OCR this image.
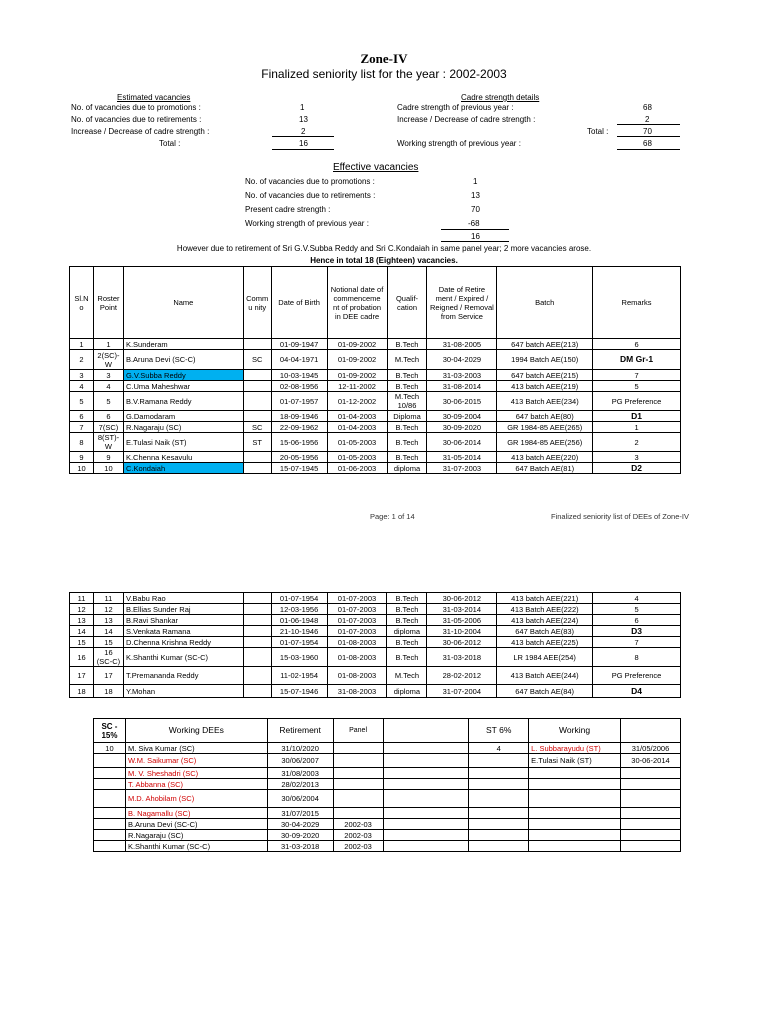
Zone-IV
Finalized seniority list for the year : 2002-2003
Estimated vacancies
No. of vacancies due to promotions :	1
No. of vacancies due to retirements :	13
Increase / Decrease of cadre strength :	2
Total :	16
Cadre strength details
Cadre strength of previous year :	68
Increase / Decrease of cadre strength :	2
Total :	70
Working strength of previous year :	68
Effective vacancies
No. of vacancies due to promotions :	1
No. of vacancies due to retirements :	13
Present cadre strength :	70
Working strength of previous year :	-68
16
However due to retirement of Sri G.V.Subba Reddy and Sri C.Kondaiah in same panel year; 2 more vacancies arose.
Hence in total 18 (Eighteen) vacancies.
Sl.N o	Roster Point	Name	Comm u nity	Date of Birth	Notional date of commenceme nt of probation in DEE cadre	Qualif- cation	Date of Retire ment / Expired / Reigned / Removal from Service	Batch	Remarks
1	1	K.Sunderam		01-09-1947	01-09-2002	B.Tech	31-08-2005	647 batch AEE(213)	6
2	2(SC)-W	B.Aruna Devi (SC-C)	SC	04-04-1971	01-09-2002	M.Tech	30-04-2029	1994 Batch AE(150)	DM Gr-1
3	3	G.V.Subba Reddy		10-03-1945	01-09-2002	B.Tech	31-03-2003	647 batch AEE(215)	7
4	4	C.Uma Maheshwar		02-08-1956	12-11-2002	B.Tech	31-08-2014	413 batch AEE(219)	5
5	5	B.V.Ramana Reddy		01-07-1957	01-12-2002	M.Tech 10/86	30-06-2015	413 Batch AEE(234)	PG Preference
6	6	G.Damodaram		18-09-1946	01-04-2003	Diploma	30-09-2004	647 batch AE(80)	D1
7	7(SC)	R.Nagaraju (SC)	SC	22-09-1962	01-04-2003	B.Tech	30-09-2020	GR 1984-85 AEE(265)	1
8	8(ST)-W	E.Tulasi Naik (ST)	ST	15-06-1956	01-05-2003	B.Tech	30-06-2014	GR 1984-85 AEE(256)	2
9	9	K.Chenna Kesavulu		20-05-1956	01-05-2003	B.Tech	31-05-2014	413 batch AEE(220)	3
10	10	C.Kondaiah		15-07-1945	01-06-2003	diploma	31-07-2003	647 Batch AE(81)	D2
Page: 1 of 14	Finalized seniority list of DEEs of Zone-IV
11	11	V.Babu Rao		01-07-1954	01-07-2003	B.Tech	30-06-2012	413 batch AEE(221)	4
12	12	B.Ellias Sunder Raj		12-03-1956	01-07-2003	B.Tech	31-03-2014	413 Batch AEE(222)	5
13	13	B.Ravi Shankar		01-06-1948	01-07-2003	B.Tech	31-05-2006	413 batch AEE(224)	6
14	14	S.Venkata Ramana		21-10-1946	01-07-2003	diploma	31-10-2004	647 Batch AE(83)	D3
15	15	D.Chenna Krishna Reddy		01-07-1954	01-08-2003	B.Tech	30-06-2012	413 batch AEE(225)	7
16	16 (SC-C)	K.Shanthi Kumar (SC-C)		15-03-1960	01-08-2003	B.Tech	31-03-2018	LR 1984 AEE(254)	8
17	17	T.Premananda Reddy		11-02-1954	01-08-2003	M.Tech	28-02-2012	413 Batch AEE(244)	PG Preference
18	18	Y.Mohan		15-07-1946	31-08-2003	diploma	31-07-2004	647 Batch AE(84)	D4
SC - 15%	Working DEEs	Retirement	Panel		ST 6%	Working	
10	M. Siva Kumar (SC)	31/10/2020			4	L. Subbarayudu (ST)	31/05/2006
	W.M. Saikumar (SC)	30/06/2007				E.Tulasi Naik (ST)	30-06-2014
	M. V. Sheshadri (SC)	31/08/2003					
	T. Abbanna (SC)	28/02/2013					
	M.D. Ahobilam (SC)	30/06/2004					
	B. Nagamallu (SC)	31/07/2015					
	B.Aruna Devi (SC-C)	30-04-2029	2002-03				
	R.Nagaraju (SC)	30-09-2020	2002-03				
	K.Shanthi Kumar (SC-C)	31-03-2018	2002-03				
